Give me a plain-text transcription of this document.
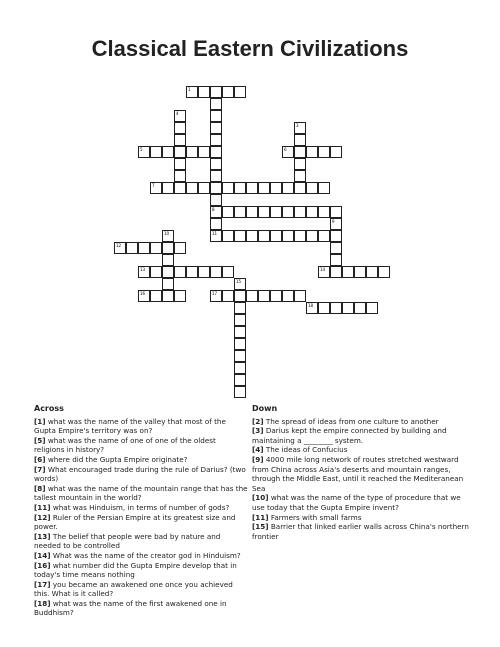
Classical Eastern Civilizations
1
8
11
4
3
5	6
7
9
10
12
13	14
15
16	17
18
Across

[1] what was the name of the valley that most of the Gupta Empire's territory was on?

[5] what was the name of one of one of the oldest religions in history?

[6] where did the Gupta Empire originate?

[7] What encouraged trade during the rule of Darius? (two words)

[8] what was the name of the mountain range that has the tallest mountain in the world?

[11] what was Hinduism, in terms of number of gods?

[12] Ruler of the Persian Empire at its greatest size and power.

[13] The belief that people were bad by nature and needed to be controlled

[14] What was the name of the creator god in Hinduism?

[16] what number did the Gupta Empire develop that in today's time means nothing

[17] you became an awakened one once you achieved this. What is it called?

[18] what was the name of the first awakened one in Buddhism?

Down

[2] The spread of ideas from one culture to another

[3] Darius kept the empire connected by building and maintaining a ________ system.

[4] The ideas of Confucius

[9] 4000 mile long network of routes stretched westward from China across Asia's deserts and mountain ranges, through the Middle East, until it reached the Mediteranean Sea

[10] what was the name of the type of procedure that we use today that the Gupta Empire invent?

[11] Farmers with small farms

[15] Barrier that linked earlier walls across China's northern frontier
